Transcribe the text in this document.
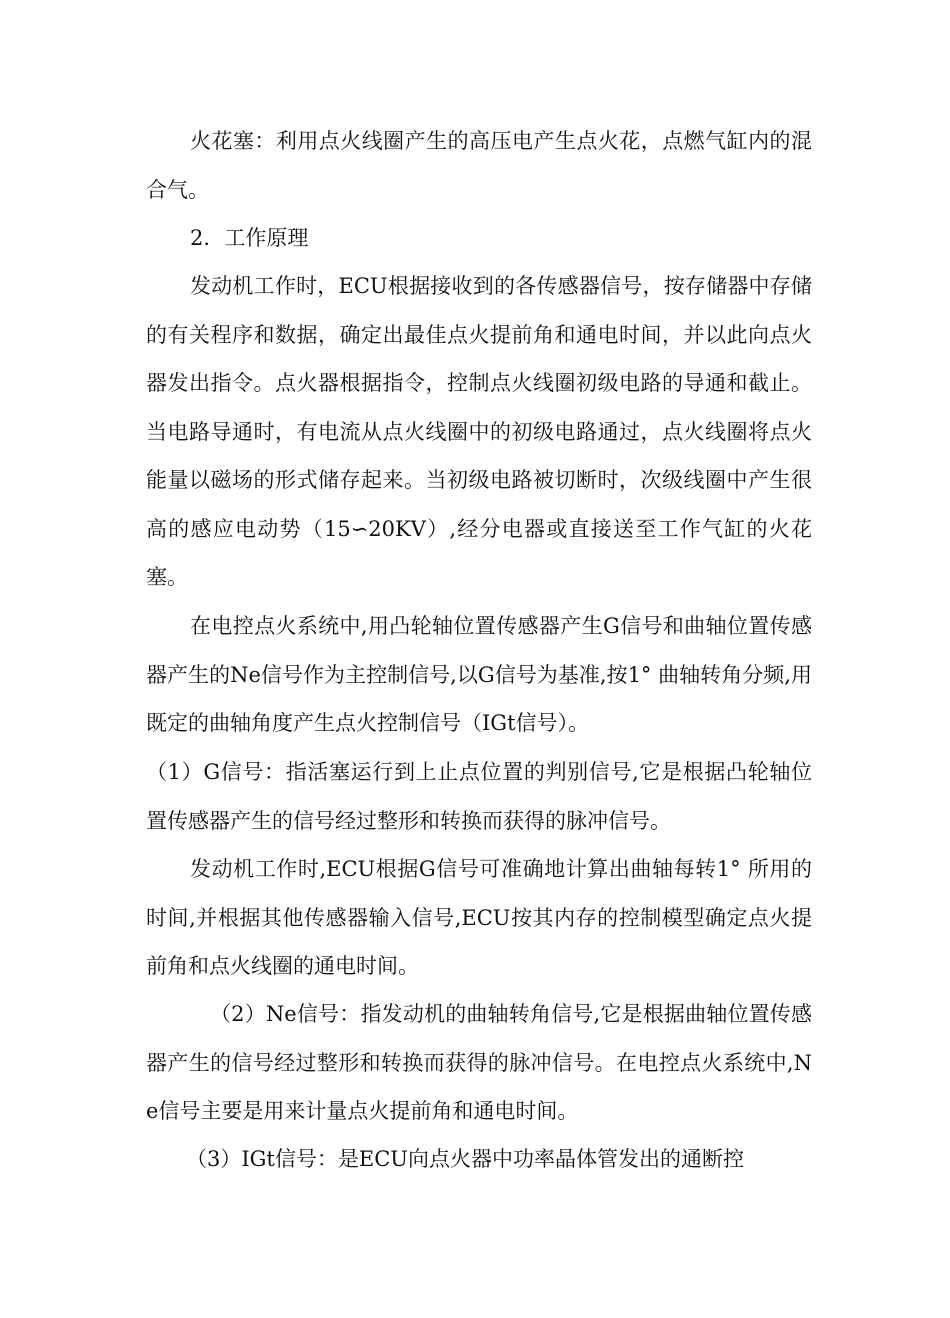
火花塞：利用点火线圈产生的高压电产生点火花，点燃气缸内的混合气。

2．工作原理

发动机工作时，ECU根据接收到的各传感器信号，按存储器中存储的有关程序和数据，确定出最佳点火提前角和通电时间，并以此向点火器发出指令。点火器根据指令，控制点火线圈初级电路的导通和截止。当电路导通时，有电流从点火线圈中的初级电路通过，点火线圈将点火能量以磁场的形式储存起来。当初级电路被切断时，次级线圈中产生很高的感应电动势（15∽20KV）,经分电器或直接送至工作气缸的火花塞。

在电控点火系统中,用凸轮轴位置传感器产生G信号和曲轴位置传感器产生的Ne信号作为主控制信号,以G信号为基准,按1° 曲轴转角分频,用既定的曲轴角度产生点火控制信号（IGt信号）。

（1）G信号：指活塞运行到上止点位置的判别信号,它是根据凸轮轴位置传感器产生的信号经过整形和转换而获得的脉冲信号。

发动机工作时,ECU根据G信号可准确地计算出曲轴每转1° 所用的时间,并根据其他传感器输入信号,ECU按其内存的控制模型确定点火提前角和点火线圈的通电时间。

（2）Ne信号：指发动机的曲轴转角信号,它是根据曲轴位置传感器产生的信号经过整形和转换而获得的脉冲信号。在电控点火系统中,Ne信号主要是用来计量点火提前角和通电时间。

（3）IGt信号：是ECU向点火器中功率晶体管发出的通断控
